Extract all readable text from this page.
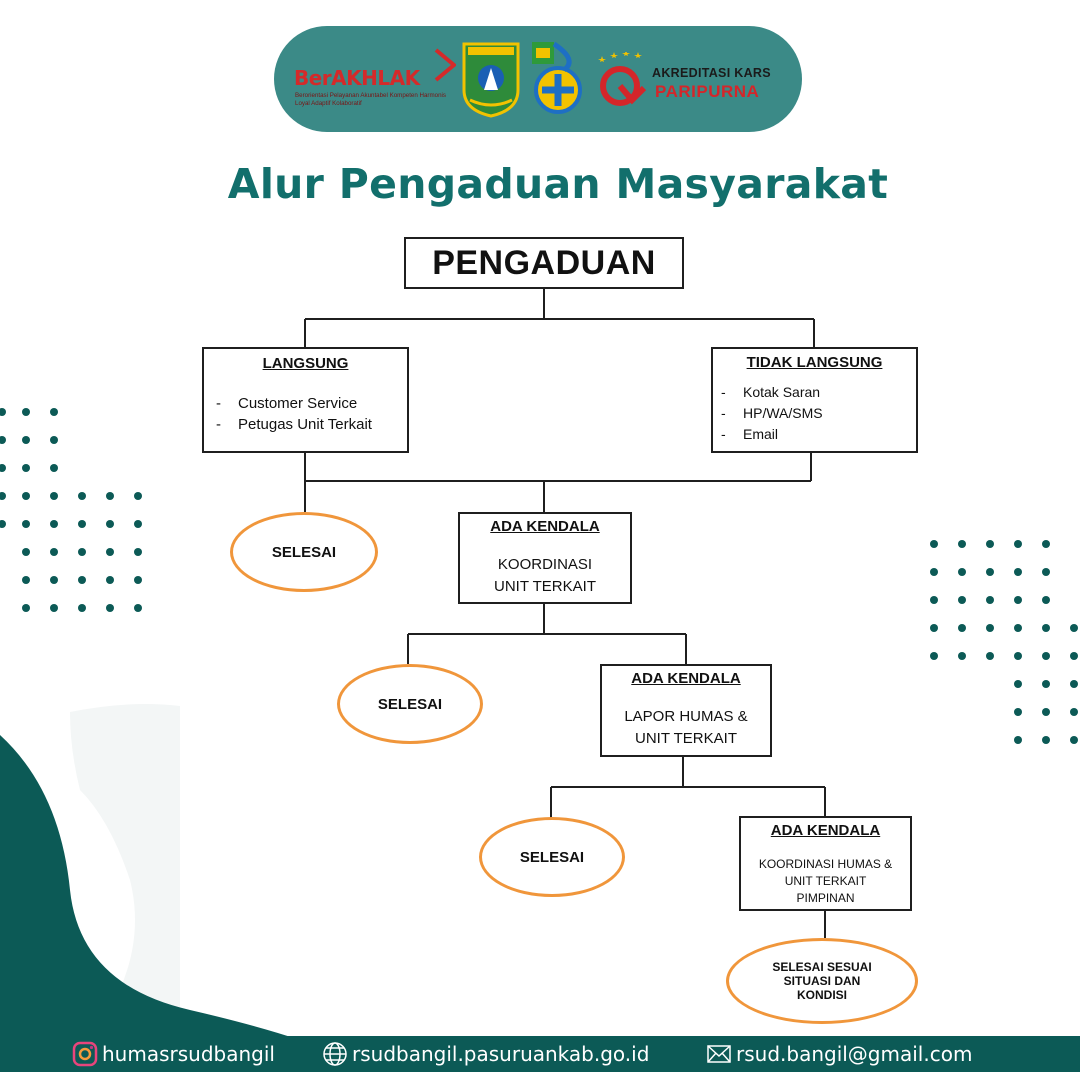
BerAKHLAK
Berorientasi Pelayanan Akuntabel Kompeten Harmonis Loyal Adaptif Kolaboratif
AKREDITASI KARS
PARIPURNA
Alur Pengaduan Masyarakat
PENGADUAN
LANGSUNG
- Customer Service
- Petugas Unit Terkait
TIDAK LANGSUNG
- Kotak Saran
- HP/WA/SMS
- Email
ADA KENDALA
KOORDINASI
UNIT TERKAIT
ADA KENDALA
LAPOR HUMAS &
UNIT TERKAIT
ADA KENDALA
KOORDINASI HUMAS &
UNIT TERKAIT
PIMPINAN
SELESAI
SELESAI
SELESAI
SELESAI SESUAI
SITUASI DAN
KONDISI
humasrsudbangil	rsudbangil.pasuruankab.go.id	rsud.bangil@gmail.com
